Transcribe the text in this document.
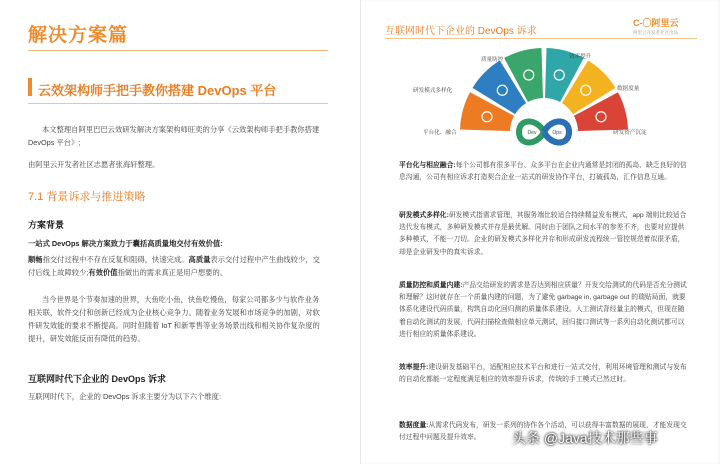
解决方案篇
云效架构师手把手教你搭建 DevOps 平台
本文整理自阿里巴巴云效研发解决方案架构师旺奕的分享《云效架构师手把手教你搭建 DevOps 平台》;
由阿里云开发者社区志愿者张海轩整理。
7.1 背景诉求与推进策略
方案背景
一站式 DevOps 解决方案致力于囊括高质量地交付有效价值:
顺畅指交付过程中不存在反复和阻碍，快速完成。高质量表示交付过程中产生曲线较少，交付后线上故障较少;有效价值指做出的需求真正是用户想要的。
当今世界是个节奏加速的世界，大鱼吃小鱼，快鱼吃慢鱼，每家公司都多少与软件业务相关联，软件交付和创新已经成为企业核心竞争力。随着业务发展和市场竞争的加剧，对软件研发效能的要求不断提高。同时但随着 IoT 和新零售等业务场景出线和相关协作复杂度的提升，研发效能反而有降低的趋势。
互联网时代下企业的 DevOps 诉求
互联网时代下，企业的 DevOps 诉求主要分为以下六个维度:
C-〇阿里云
阿里云开发者社区出品
互联网时代下企业的 DevOps 诉求
Dev	Ops
质量防控	效率提升
研发模式多样化	数据度量
平台化、融合	研发资产沉淀
平台化与相应融合:每个公司都有很多平台、众多平台在企业内通常是封闭的孤岛、缺乏良好的信息沟通，公司有相应诉求打造契合企业一站式的研发协作平台，打破孤岛，汇作信息互通。
研发模式多样化:研发模式指需求管理，其服务端比较适合持续精益发布模式，app 端则比较适合迭代发布模式，多种研发模式并存是最优解。同时由于团队之间水平的参差不齐，也要对应提供多种模式，不能一刀切。企业的研发模式多样化并存和形成研发流程统一管控规范着似很矛盾，却是企业研发中的真实诉求。
质量防控和质量内建:产品交给研发的需求是否达到相应质量？开发交给测试的代码是否充分测试和理解？这时就存在一个质量内建的问题，为了避免 garbage in, garbage out 的瑞贴局面，就要体系化建设代码质量，构筑自动化回归测的质量体系建设。人工测试背经量主的模式，但现在随着自动化测试的发展，代码扫描检查做相应单元测试，回归接口测试等一系列自动化测试都可以进行相应的质量体系建设。
效率提升:建设研发基础平台，适配相应技术平台和进行一站式交付，利用环境管理和测试与发布的自动化都能一定程度满足相应的效率提升诉求，传统的手工模式已然过时。
数据度量:从需求代码发布，研发一系列的协作各个活动，可以获得丰富数据的展现，才能发现交付过程中问题及提升效率。	头条 @Java技术那些事
